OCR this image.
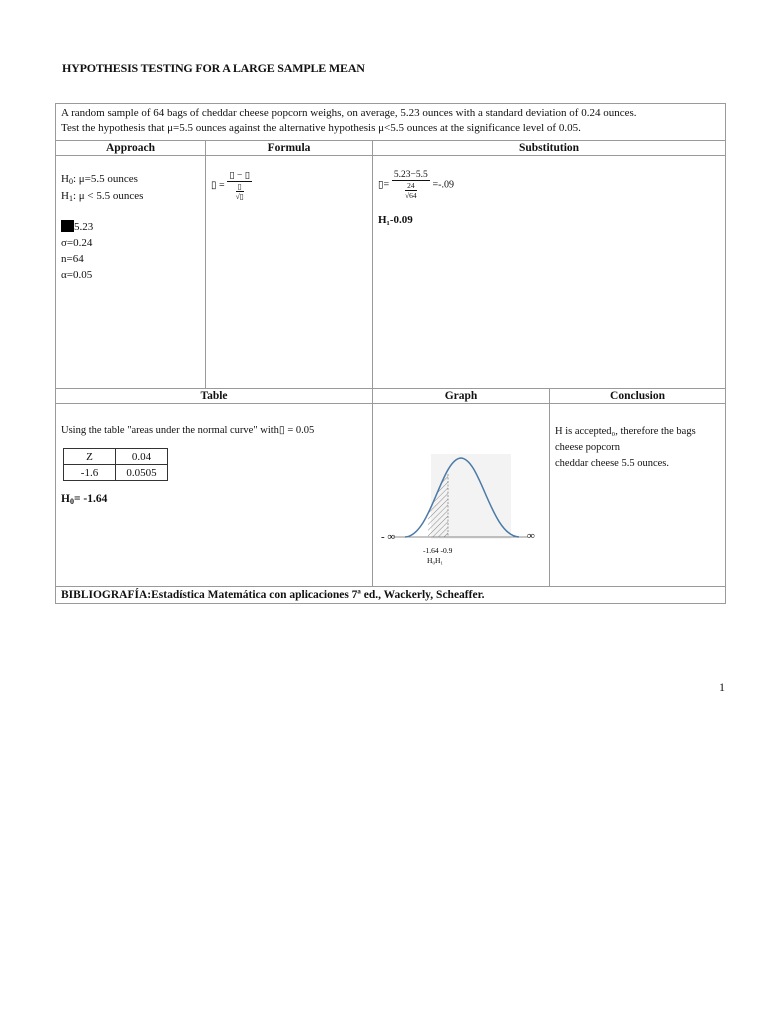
HYPOTHESIS TESTING FOR A LARGE SAMPLE MEAN
A random sample of 64 bags of cheddar cheese popcorn weighs, on average, 5.23 ounces with a standard deviation of 0.24 ounces.
Test the hypothesis that μ=5.5 ounces against the alternative hypothesis μ<5.5 ounces at the significance level of 0.05.

Approach	Formula	Substitution

H0: μ=5.5 ounces
H1: μ < 5.5 ounces
5.23
σ=0.24
n=64
α=0.05

▯ = $\frac{▯ - ▯}{\frac{▯}{√▯}}$	▯= $\frac{5.23-5.5}{\frac{24}{√64}} =-.09$
H₁-0.09

Table	Graph	Conclusion

Using the table "areas under the normal curve" with▯ = 0.05
Z	0.04
-1.6	0.0505
H0= -1.64

- ∞	∞
-1.64 -0.9
H₀H₁

H is accepted₀, therefore the bags
cheese popcorn
cheddar cheese 5.5 ounces.

BIBLIOGRAFÍA:Estadística Matemática con aplicaciones 7ª ed., Wackerly, Scheaffer.
1
